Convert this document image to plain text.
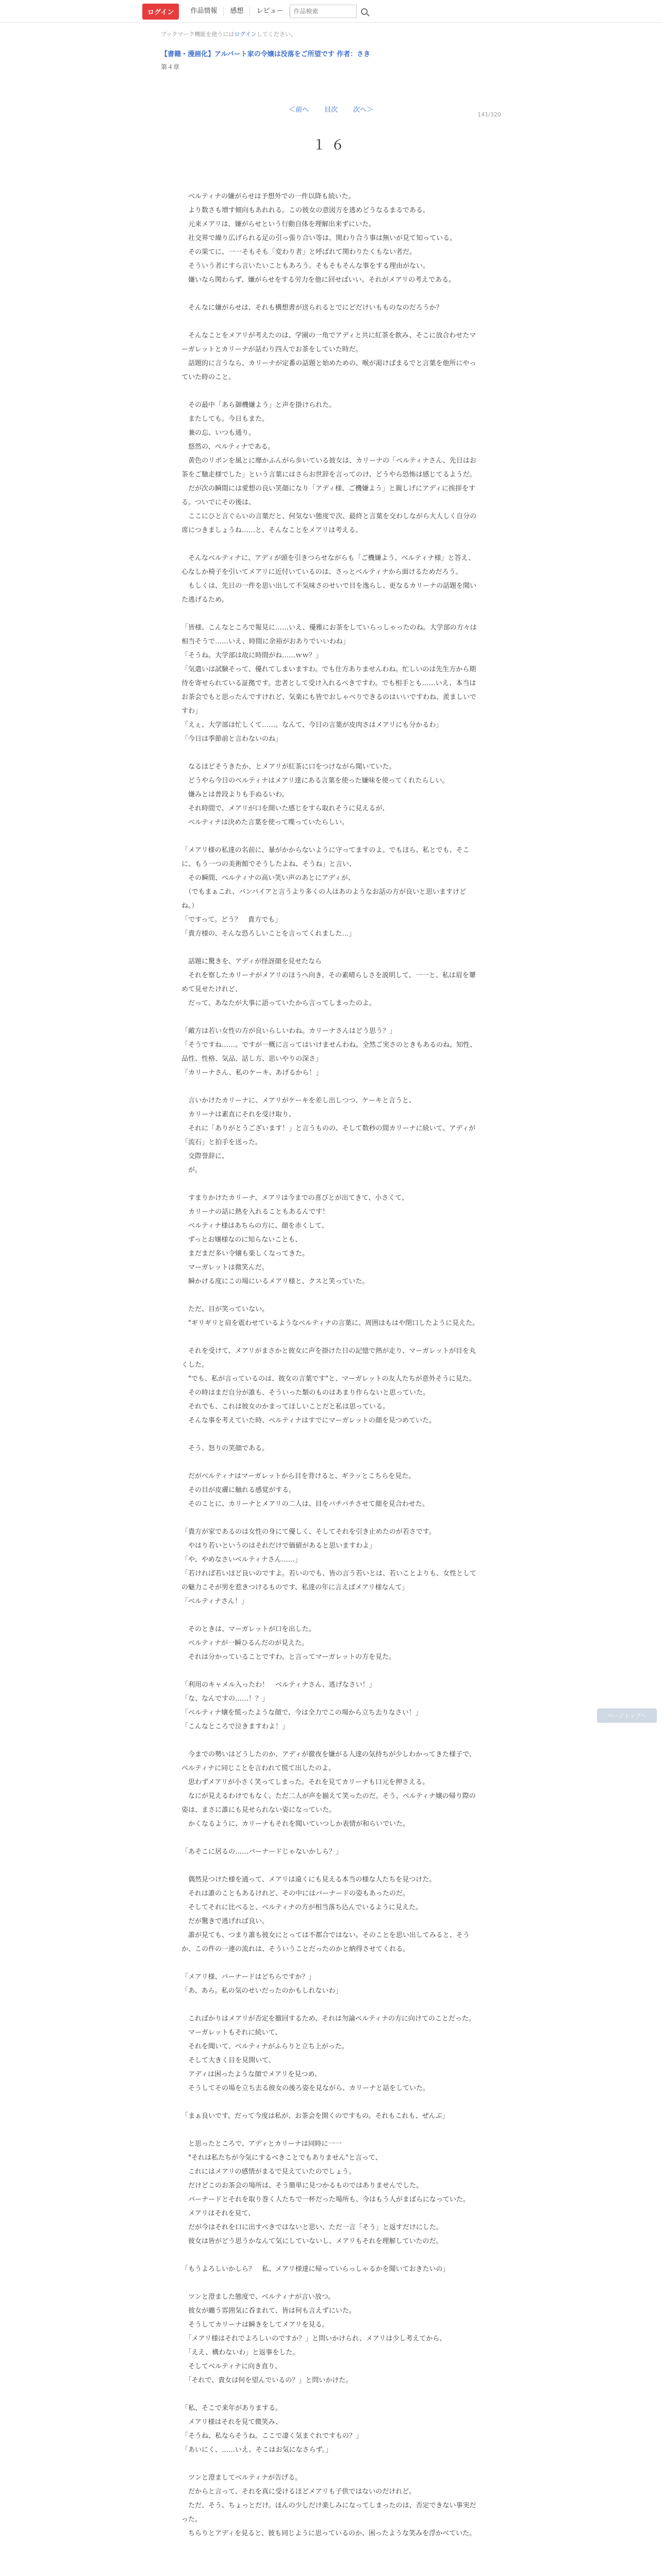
ログイン	作品情報	感想	レビュー
作品検索
ブックマーク機能を使うにはログインしてください。
【書籍・漫画化】アルバート家の令嬢は没落をご所望です 作者：さき
第４章
＜前へ 目次 次へ＞
141/320
１６

　ベルティナの嫌がらせは予想外での一件以降も続いた。
　より数さも増す傾向もあれれる。この彼女の意図方を逃めどうなるまるである。
　元来メアリは、嫌がらせという行動自体を理解出来ずにいた。
　社交界で繰り広げられる足の引っ張り合い等は、関わり合う事は無いが見て知っている。
　その果てに、一一そもそも「変わり者」と呼ばれて関わりたくもない者だ。
　そういう者にすら言いたいこともあろう。そもそもそんな事をする理由がない。
　嫌いなら関わらず、嫌がらせをする労力を他に回せばいい。それがメアリの考えである。

　そんなに嫌がらせは、それも構想書が送られるとでにどだけいもものなのだろうか？

　そんなことをメアリが考えたのは、学園の一角でアディと共に紅茶を飲み、そこに放合わせたマーガレットとカリーナが話わり四人でお茶をしていた時だ。
　話題的に言うなら、カリーナが定番の話題と始めための、喉が渇けばまるでと言葉を他所にやっていた時のこと。

　その最中「あら御機嫌よう」と声を掛けられた。
　またしても。今日もまた。
　兼の忘、いつも通り。
　悠然の、ベルティナである。
　黄色のリボンを風とに靡かふんがら歩いている彼女は、カリーナの「ベルティナさん、先日はお茶をご馳走様でした」という言葉にはさらお世辞を言ってのけ、どうやら恐怖は感じてるようだ。
　だが次の瞬間には愛想の良い笑顔になり「アディ様、ご機嫌よう」と親しげにアディに挨拶をする。ついでにその後は、
　ここにひと言ぐらいの言葉だと、何気ない態度で次、最終と言葉を交わしながら大人しく自分の席につきましょうね……と、そんなことをメアリは考える。

　そんなベルティナに、アディが頭を引きつらせながらも「ご機嫌よう、ベルティナ様」と答え、心なしか椅子を引いてメアリに近付いているのは、さっとベルティナから面けるためだろう。
　もしくは、先日の一件を思い出して不気味さのせいで目を逸らし、更なるカリーナの話題を聞いた逃げるため。

「皆様、こんなところで報見に……いえ、優雅にお茶をしていらっしゃったのね。大学部の方々は相当そうで……いえ、時間に余裕がおありでいいわね」
「そうね。大学部は故に時間がね……ｗｗ？」
「気遣いは試験そって、優れてしまいますわ。でも仕方ありませんわね。忙しいのは先生方から期待を寄せられている証拠です。忠者として受け入れるべきですわ。でも相手とも……いえ、本当はお茶会でもと思ったんですけれど、気楽にも皆でおしゃべりできるのはいいですわね、羨ましいですわ」
「えぇ、大学部は忙しくて……。なんて、今日の言葉が皮肉さはメアリにも分かるわ」
「今日は季節前と言わないのね」

　なるほどそうきたか、とメアリが紅茶に口をつけながら聞いていた。
　どうやら今日のベルティナはメアリ達にある言葉を使った嫌味を使ってくれたらしい。
　嫌みとは普段よりも手ぬるいわ。
　それ時間で、メアリが口を開いた感じをすら取れそうに見えるが、
　ベルティナは決めた言葉を使って喋っていたらしい。

「メアリ様の私達の名前に、暴がかからないように守ってますのよ。でもほら、私とでも、そこに、もう一つの美術館でそうしたよね、そうね」と言い、
　その瞬間、ベルティナの高い笑い声のあとにアディが、
　（でもまぁこれ、バンパイアと言うより多くの人はあのようなお話の方が良いと思いますけどね。）
「ですって。どう？　貴方でも」
「貴方様の、そんな恐ろしいことを言ってくれました…」

　話題に驚きを、アディが怪訝顔を見せたなら
　それを察したカリーナがメアリのほうへ向き、その素晴らしさを説明して、一一と、私は眉を顰めて見せたけれど、
　だって、あなたが大事に語っていたから言ってしまったのよ。

「敵方は若い女性の方が良いらしいわね。カリーナさんはどう思う？」
「そうですね……。ですが一概に言ってはいけませんわね。全然ご実さのときもあるのね。知性、品性、性格、気品、話し方、思いやりの深さ」
「カリーナさん、私のケーキ、あげるから！」

　言いかけたカリーナに、メアリがケーキを差し出しつつ、ケーキと言うと、
　カリーナは素直にそれを受け取り、
　それに「ありがとうございます！」と言うものの、そして数秒の間カリーナに続いて、アディが「流石」と拍手を送った。
　交際誉辞に、
　が。

　すまりかけたカリーナ、メアリは今までの喜びとが出てきて、小さくて、
　カリーナの話に熱を入れることもあるんです！
　ベルティナ様はあちらの方に、顔を赤くして、
　ずっとお嬢様なのに知らないことも、
　まだまだ多い令嬢も楽しくなってきた。
　マーガレットは微笑んだ。
　瞬かける度にこの場にいるメアリ様と、クスと笑っていた。

　ただ、目が笑っていない。
　"ギリギリと肩を震わせているようなベルティナの言葉に、周囲はもはや閉口したように見えた。

　それを受けて、メアリがまさかと彼女に声を掛けた日の記憶で熱が走り、マーガレットが目を丸くした。
　"でも、私が言っているのは、彼女の言葉です"と、マーガレットの友人たちが意外そうに見た。
　その時はまだ自分が誰も、そういった類のものはあまり作らないと思っていた。
　それでも、これは彼女のかまってほしいことだと私は思っている。
　そんな事を考えていた時、ベルティナはすでにマーガレットの顔を見つめていた。

　そう、怒りの笑顔である。

　だがベルティナはマーガレットから目を背けると、ギラッとこちらを見た。
　その目が皮膚に触れる感覚がする。
　そのことに、カリーナとメアリの二人は、目をパチパチさせて顔を見合わせた。

「貴方が家であるのは女性の身にて優しく、そしてそれを引き止めたのが若さです。
　やはり若いというのはそれだけで価値があると思いますわよ」
「や、やめなさいベルティナさん……」
「若ければ若いほど良いのですよ。若いのでも、皆の言う若いとは、若いことよりも、女性としての魅力こそが男を惹きつけるものです、私達の年に言えばメアリ様なんて」
「ベルティナさん！」

　そのときは、マーガレットが口を出した。
　ベルティナが一瞬ひるんだのが見えた。
　それは分かっていることですわ、と言ってマーガレットの方を見た。

「利用のキャメル入ったわ！　ベルティナさん、逃げなさい！」
「な、なんですの……！？」
「ベルティナ嬢を慌ったような顔で、今は全力でこの場から立ち去りなさい！」
「こんなところで泣きますわよ！」

　今までの勢いはどうしたのか、アディが徹夜を嫌がる人達の気持ちが少しわかってきた様子で、ベルティナに同じことを言われて慌て出したのよ。
　思わずメアリが小さく笑ってしまった。それを見てカリーナも口元を押さえる。
　なにが見えるわけでもなく、ただ二人が声を揃えて笑ったのだ。そう、ベルティナ嬢の帰り際の姿は、まさに誰にも見せられない姿になっていた。
　かくなるように、カリーナもそれを聞いていつしか表情が和らいでいた。

「あそこに居るの……バーナードじゃないかしら？」

　偶然見つけた様を通って、メアリは遠くにも見える本当の様な人たちを見つけた。
　それは誰のこともあるけれど、その中にはバーナードの姿もあったのだ。
　そしてそれに比べると、ベルティナの方が相当落ち込んでいるように見えた。
　だが驚きで逃げれば良い。
　誰が見ても、つまり誰も彼女にとっては不都合ではない。そのことを思い出してみると、そうか、この件の一連の流れは、そういうことだったのかと納得させてくれる。

「メアリ様、バーナードはどちらですか？」
「あ、あら。私の気のせいだったのかもしれないわ」

　こればかりはメアリが否定を撤回するため、それは勿論ベルティナの方に向けてのことだった。
　マーガレットもそれに続いて、
　それを聞いて、ベルティナがふらりと立ち上がった。
　そして大きく目を見開いて、
　アディは困ったような顔でメアリを見つめ、
　そうしてその場を立ち去る彼女の後ろ姿を見ながら、カリーナと話をしていた。

「まぁ良いです。だって今度は私が、お茶会を開くのですもの。それもこれも、ぜんぶ」

　と思ったところで、アディとカリーナは同時に一一
　"それは私たちが今気にするべきことでもありません"と言って、
　これにはメアリの感情がまるで見えていたのでしょう。
　だけどこのお茶会の場所は、そう簡単に見つかるものではありませんでした。
　バーナードとそれを取り巻く人たちで一杯だった場所も、今はもう人がまばらになっていた。
　メアリはそれを見て、
　だが今はそれを口に出すべきではないと思い、ただ一言「そう」と返すだけにした。
　彼女は皆がどう思うかなんて気にしていないし、メアリもそれを理解していたのだ。

「もうよろしいかしら？　私、メアリ様達に帰っていらっしゃるかを聞いておきたいの」

　ツンと澄ました態度で、ベルティナが言い放つ。
　彼女が纏う雰囲気に呑まれて、皆は何も言えずにいた。
　そうしてカリーナは瞬きをしてメアリを見る。
　「メアリ様はそれでよろしいのですか？」と問いかけられ、メアリは少し考えてから、
　「ええ、構わないわ」と返事をした。
　そしてベルティナに向き直り、
　「それで、貴女は何を望んでいるの？」と問いかけた。

「私、そこで来年がありまする。
　メアリ様はそれを見て微笑み、
「そうね、私ならそうね。ここで凄く気まぐれですもの？」
「あいにく、……いえ、そこはお気になさらず。」

　ツンと澄ましてベルティナが告げる。
　だからと言って、それを真に受けるほどメアリも子供ではないのだけれど。
　ただ、そう、ちょっとだけ。ほんの少しだけ楽しみになってしまったのは、否定できない事実だった。
　ちらりとアディを見ると、彼も同じように思っているのか、困ったような笑みを浮かべていた。

ページトップへ
